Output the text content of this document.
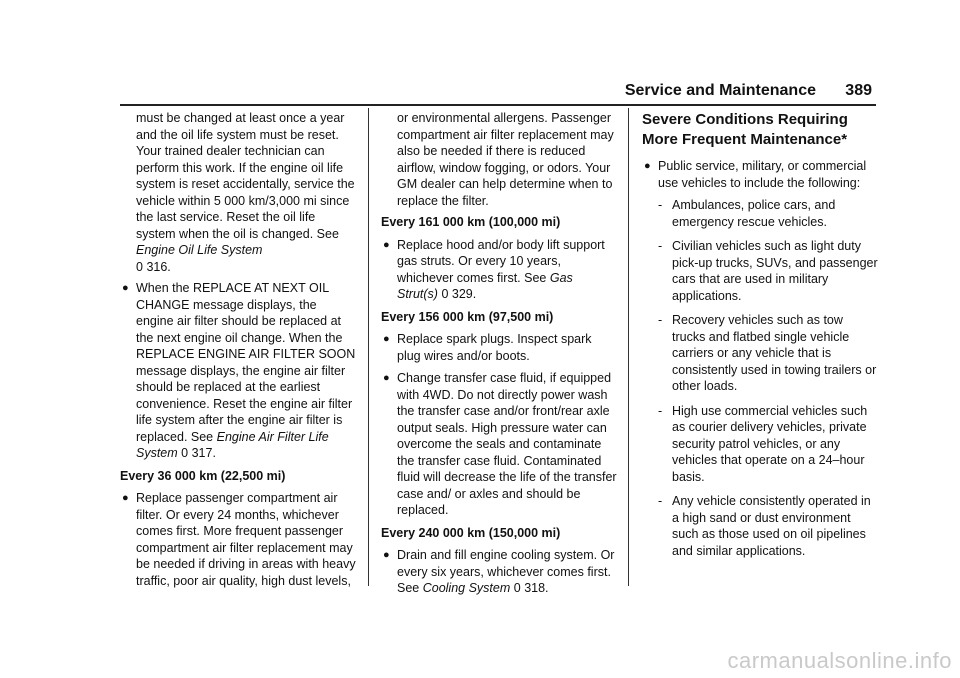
Service and Maintenance 389

must be changed at least once a year and the oil life system must be reset. Your trained dealer technician can perform this work. If the engine oil life system is reset accidentally, service the vehicle within 5 000 km/3,000 mi since the last service. Reset the oil life system when the oil is changed. See Engine Oil Life System
0 316.

● When the REPLACE AT NEXT OIL CHANGE message displays, the engine air filter should be replaced at the next engine oil change. When the REPLACE ENGINE AIR FILTER SOON message displays, the engine air filter should be replaced at the earliest convenience. Reset the engine air filter life system after the engine air filter is replaced. See Engine Air Filter Life System 0 317.
Every 36 000 km (22,500 mi)
● Replace passenger compartment air filter. Or every 24 months, whichever comes first. More frequent passenger compartment air filter replacement may be needed if driving in areas with heavy traffic, poor air quality, high dust levels,

or environmental allergens. Passenger compartment air filter replacement may also be needed if there is reduced airflow, window fogging, or odors. Your GM dealer can help determine when to replace the filter.

Every 161 000 km (100,000 mi)
● Replace hood and/or body lift support gas struts. Or every 10 years, whichever comes first. See Gas Strut(s) 0 329.
Every 156 000 km (97,500 mi)
● Replace spark plugs. Inspect spark plug wires and/or boots.
● Change transfer case fluid, if equipped with 4WD. Do not directly power wash the transfer case and/or front/rear axle output seals. High pressure water can overcome the seals and contaminate the transfer case fluid. Contaminated fluid will decrease the life of the transfer case and/ or axles and should be replaced.
Every 240 000 km (150,000 mi)
● Drain and fill engine cooling system. Or every six years, whichever comes first. See Cooling System 0 318.
Severe Conditions Requiring More Frequent Maintenance*
● Public service, military, or commercial use vehicles to include the following:
- Ambulances, police cars, and emergency rescue vehicles.
- Civilian vehicles such as light duty pick-up trucks, SUVs, and passenger cars that are used in military applications.
- Recovery vehicles such as tow trucks and flatbed single vehicle carriers or any vehicle that is consistently used in towing trailers or other loads.
- High use commercial vehicles such as courier delivery vehicles, private security patrol vehicles, or any vehicles that operate on a 24–hour basis.
- Any vehicle consistently operated in a high sand or dust environment such as those used on oil pipelines and similar applications.
carmanualsonline.info
